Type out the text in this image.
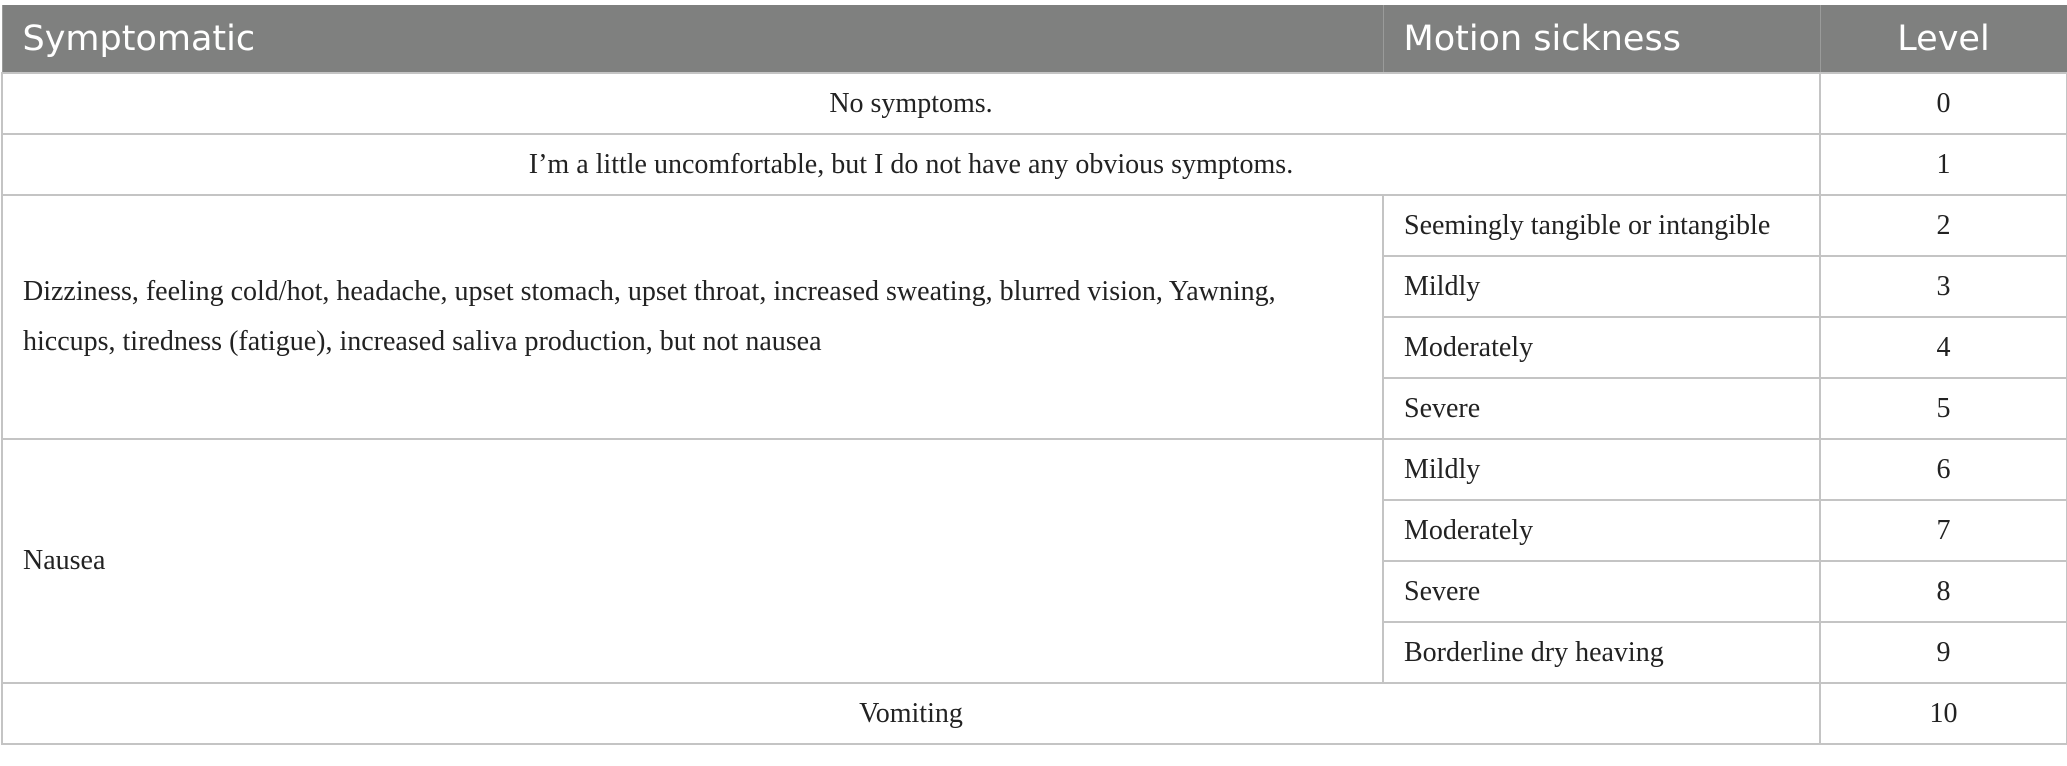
Symptomatic	Motion sickness	Level
No symptoms.		0
I’m a little uncomfortable, but I do not have any obvious symptoms.		1
Dizziness, feeling cold/hot, headache, upset stomach, upset throat, increased sweating, blurred vision, Yawning, hiccups, tiredness (fatigue), increased saliva production, but not nausea	Seemingly tangible or intangible	2
	Mildly	3
	Moderately	4
	Severe	5
Nausea	Mildly	6
	Moderately	7
	Severe	8
	Borderline dry heaving	9
Vomiting		10
